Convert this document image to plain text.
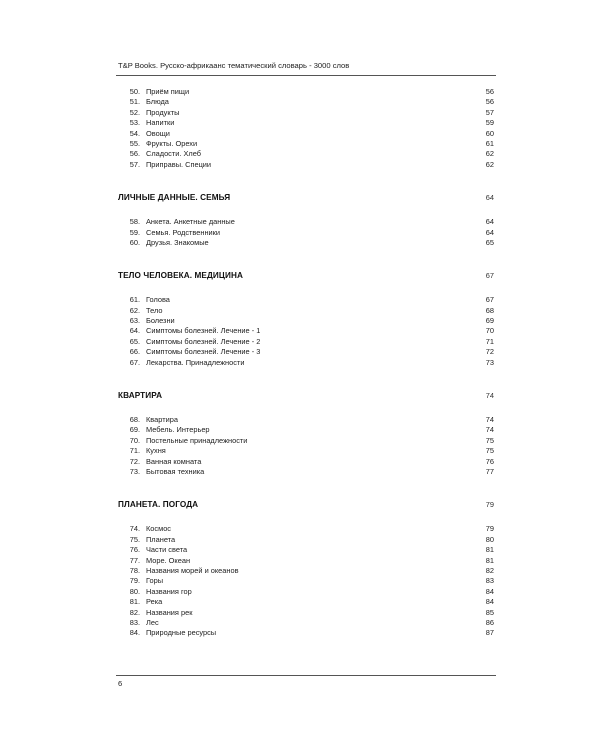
T&P Books. Русско-африкаанс тематический словарь - 3000 слов
50. Приём пищи	56
51. Блюда	56
52. Продукты	57
53. Напитки	59
54. Овощи	60
55. Фрукты. Орехи	61
56. Сладости. Хлеб	62
57. Приправы. Специи	62
ЛИЧНЫЕ ДАННЫЕ. СЕМЬЯ	64
58. Анкета. Анкетные данные	64
59. Семья. Родственники	64
60. Друзья. Знакомые	65
ТЕЛО ЧЕЛОВЕКА. МЕДИЦИНА	67
61. Голова	67
62. Тело	68
63. Болезни	69
64. Симптомы болезней. Лечение - 1	70
65. Симптомы болезней. Лечение - 2	71
66. Симптомы болезней. Лечение - 3	72
67. Лекарства. Принадлежности	73
КВАРТИРА	74
68. Квартира	74
69. Мебель. Интерьер	74
70. Постельные принадлежности	75
71. Кухня	75
72. Ванная комната	76
73. Бытовая техника	77
ПЛАНЕТА. ПОГОДА	79
74. Космос	79
75. Планета	80
76. Части света	81
77. Море. Океан	81
78. Названия морей и океанов	82
79. Горы	83
80. Названия гор	84
81. Река	84
82. Названия рек	85
83. Лес	86
84. Природные ресурсы	87
6
